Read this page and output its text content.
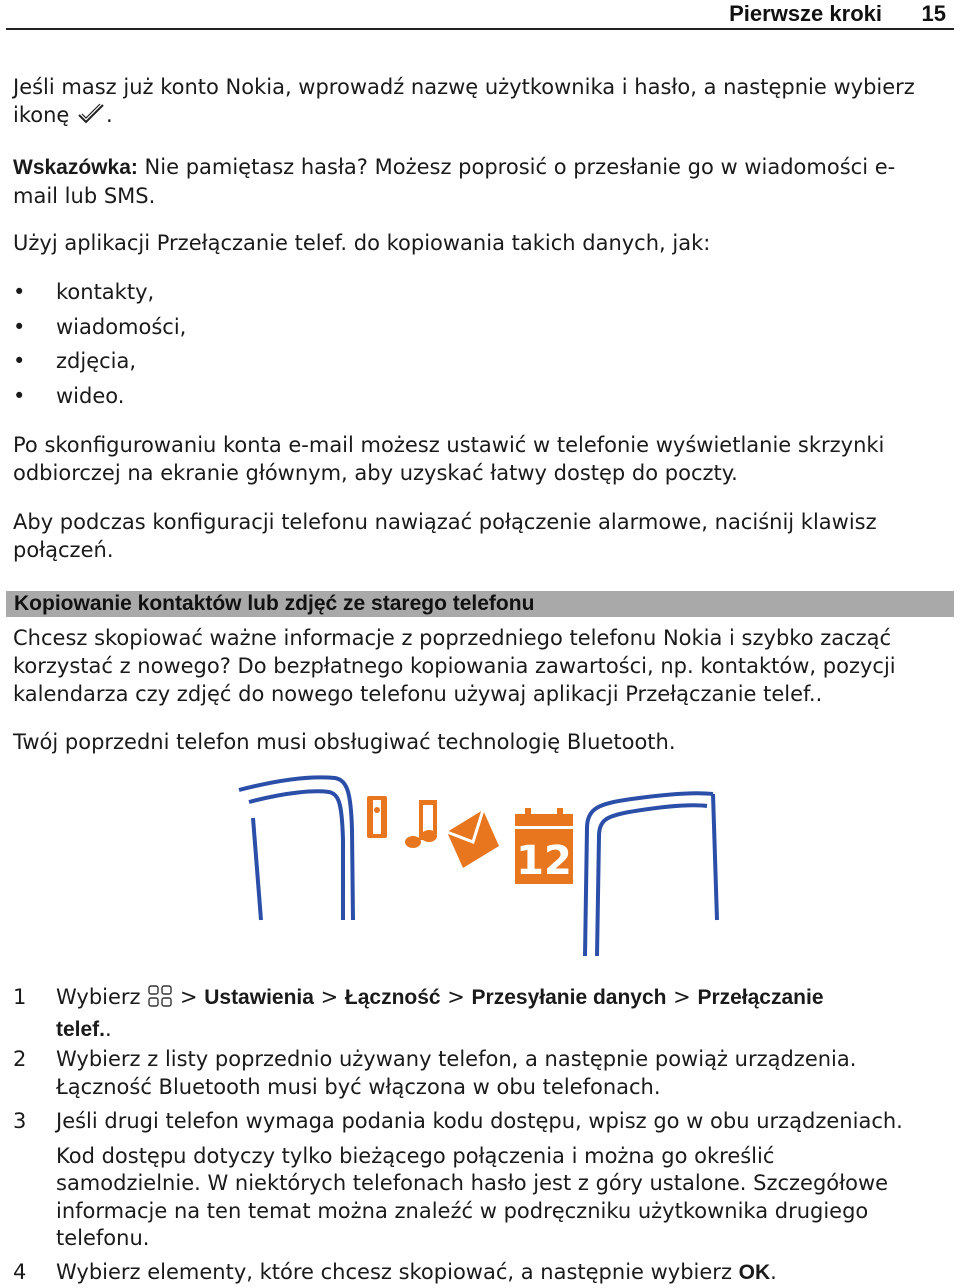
Pierwsze kroki 15
Jeśli masz już konto Nokia, wprowadź nazwę użytkownika i hasło, a następnie wybierz
ikonę .
Wskazówka: Nie pamiętasz hasła? Możesz poprosić o przesłanie go w wiadomości e-
mail lub SMS.
Użyj aplikacji Przełączanie telef. do kopiowania takich danych, jak:
• kontakty,
• wiadomości,
• zdjęcia,
• wideo.
Po skonfigurowaniu konta e-mail możesz ustawić w telefonie wyświetlanie skrzynki
odbiorczej na ekranie głównym, aby uzyskać łatwy dostęp do poczty.
Aby podczas konfiguracji telefonu nawiązać połączenie alarmowe, naciśnij klawisz
połączeń.
Kopiowanie kontaktów lub zdjęć ze starego telefonu
Chcesz skopiować ważne informacje z poprzedniego telefonu Nokia i szybko zacząć
korzystać z nowego? Do bezpłatnego kopiowania zawartości, np. kontaktów, pozycji
kalendarza czy zdjęć do nowego telefonu używaj aplikacji Przełączanie telef..
Twój poprzedni telefon musi obsługiwać technologię Bluetooth.
12
1 Wybierz  > Ustawienia > Łączność > Przesyłanie danych > Przełączanie
telef..
2 Wybierz z listy poprzednio używany telefon, a następnie powiąż urządzenia.
Łączność Bluetooth musi być włączona w obu telefonach.
3 Jeśli drugi telefon wymaga podania kodu dostępu, wpisz go w obu urządzeniach.
Kod dostępu dotyczy tylko bieżącego połączenia i można go określić
samodzielnie. W niektórych telefonach hasło jest z góry ustalone. Szczegółowe
informacje na ten temat można znaleźć w podręczniku użytkownika drugiego
telefonu.
4 Wybierz elementy, które chcesz skopiować, a następnie wybierz OK.
